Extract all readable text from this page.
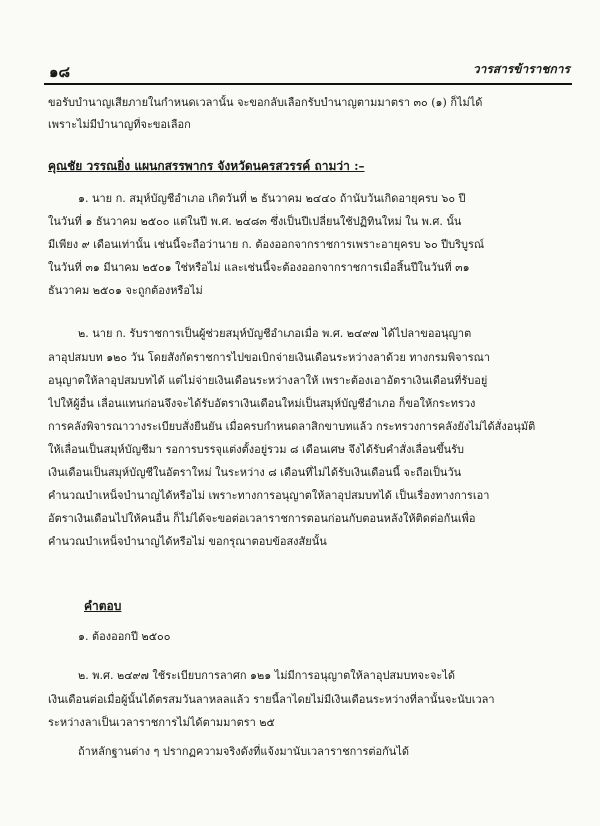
๑๘	วารสารข้าราชการ
ขอรับบำนาญเสียภายในกำหนดเวลานั้น จะขอกลับเลือกรับบำนาญตามมาตรา ๓๐ (๑) ก็ไม่ได้
เพราะไม่มีบำนาญที่จะขอเลือก
คุณชัย วรรณยิ่ง แผนกสรรพากร จังหวัดนครสวรรค์ ถามว่า :–
๑. นาย ก. สมุห์บัญชีอำเภอ เกิดวันที่ ๒ ธันวาคม ๒๔๔๐ ถ้านับวันเกิดอายุครบ ๖๐ ปี
ในวันที่ ๑ ธันวาคม ๒๕๐๐ แต่ในปี พ.ศ. ๒๔๘๓ ซึ่งเป็นปีเปลี่ยนใช้ปฏิทินใหม่ ใน พ.ศ. นั้น
มีเพียง ๙ เดือนเท่านั้น เช่นนี้จะถือว่านาย ก. ต้องออกจากราชการเพราะอายุครบ ๖๐ ปีบริบูรณ์
ในวันที่ ๓๑ มีนาคม ๒๕๐๑ ใช่หรือไม่ และเช่นนี้จะต้องออกจากราชการเมื่อสิ้นปีในวันที่ ๓๑
ธันวาคม ๒๕๐๑ จะถูกต้องหรือไม่
๒. นาย ก. รับราชการเป็นผู้ช่วยสมุห์บัญชีอำเภอเมื่อ พ.ศ. ๒๔๙๗ ได้ไปลาขออนุญาต
ลาอุปสมบท ๑๒๐ วัน โดยสังกัดราชการไปขอเบิกจ่ายเงินเดือนระหว่างลาด้วย ทางกรมพิจารณา
อนุญาตให้ลาอุปสมบทได้ แต่ไม่จ่ายเงินเดือนระหว่างลาให้ เพราะต้องเอาอัตราเงินเดือนที่รับอยู่
ไปให้ผู้อื่น เลื่อนแทนก่อนจึงจะได้รับอัตราเงินเดือนใหม่เป็นสมุห์บัญชีอำเภอ ก็ขอให้กระทรวง
การคลังพิจารณาวางระเบียบสั่งยืนยัน เมื่อครบกำหนดลาสิกขาบทแล้ว กระทรวงการคลังยังไม่ได้สั่งอนุมัติ
ให้เลื่อนเป็นสมุห์บัญชีมา รอการบรรจุแต่งตั้งอยู่รวม ๘ เดือนเศษ จึงได้รับคำสั่งเลื่อนขึ้นรับ
เงินเดือนเป็นสมุห์บัญชีในอัตราใหม่ ในระหว่าง ๘ เดือนที่ไม่ได้รับเงินเดือนนี้ จะถือเป็นวัน
คำนวณบำเหน็จบำนาญได้หรือไม่ เพราะทางการอนุญาตให้ลาอุปสมบทได้ เป็นเรื่องทางการเอา
อัตราเงินเดือนไปให้คนอื่น ก็ไม่ได้จะขอต่อเวลาราชการตอนก่อนกับตอนหลังให้ติดต่อกันเพื่อ
คำนวณบำเหน็จบำนาญได้หรือไม่ ขอกรุณาตอบข้อสงสัยนั้น
คำตอบ
๑. ต้องออกปี ๒๕๐๐
๒. พ.ศ. ๒๔๙๗ ใช้ระเบียบการลาศก ๑๒๑ ไม่มีการอนุญาตให้ลาอุปสมบทจะจะได้
เงินเดือนต่อเมื่อผู้นั้นได้ตรสมวันลาหลลแล้ว รายนี้ลาไดยไม่มีเงินเดือนระหว่างที่ลานั้นจะนับเวลา
ระหว่างลาเป็นเวลาราชการไม่ได้ตามมาตรา ๒๕
ถ้าหลักฐานต่าง ๆ ปรากฏความจริงดังที่แจ้งมานับเวลาราชการต่อกันได้
